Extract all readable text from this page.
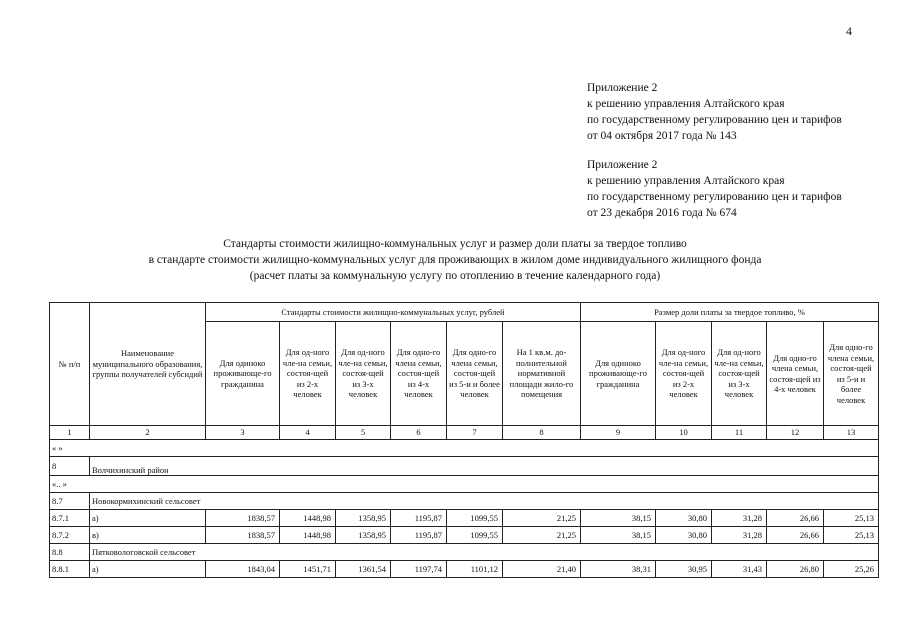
4
Приложение 2
к решению управления Алтайского края
по государственному регулированию цен и тарифов
от 04 октября 2017 года № 143
Приложение 2
к решению управления Алтайского края
по государственному регулированию цен и тарифов
от 23 декабря 2016 года № 674
Стандарты стоимости жилищно-коммунальных услуг и размер доли платы за твердое топливо
в стандарте стоимости жилищно-коммунальных услуг для проживающих в жилом доме индивидуального жилищного фонда
(расчет платы за коммунальную услугу по отоплению в течение календарного года)
№ п/п	Наименование муниципального образования, группы получателей субсидий	Стандарты стоимости жилищно-коммунальных услуг, рублей						Размер доли платы за твердое топливо, %				
		Для одиноко проживающе-го гражданина	Для од-ного чле-на семьи, состоя-щей из 2-х человек	Для од-ного чле-на семьи, состоя-щей из 3-х человек	Для одно-го члена семьи, состоя-щей из 4-х человек	Для одно-го члена семьи, состоя-щей из 5-и и более человек	На 1 кв.м. до-полнительной нормативной площади жило-го помещения	Для одиноко проживающе-го гражданина	Для од-ного чле-на семьи, состоя-щей из 2-х человек	Для од-ного чле-на семьи, состоя-щей из 3-х человек	Для одно-го члена семьи, состоя-щей из 4-х человек	Для одно-го члена семьи, состоя-щей из 5-и и более человек
1	2	3	4	5	6	7	8	9	10	11	12	13
« »												
8	Волчихинский район											
«.. »												
8.7	Новокормихинский сельсовет											
8.7.1	а)	1838,57	1448,98	1358,95	1195,87	1099,55	21,25	38,15	30,80	31,28	26,66	25,13
8.7.2	в)	1838,57	1448,98	1358,95	1195,87	1099,55	21,25	38,15	30,80	31,28	26,66	25,13
8.8	Пятковологовской сельсовет											
8.8.1	а)	1843,04	1451,71	1361,54	1197,74	1101,12	21,40	38,31	30,95	31,43	26,80	25,26
